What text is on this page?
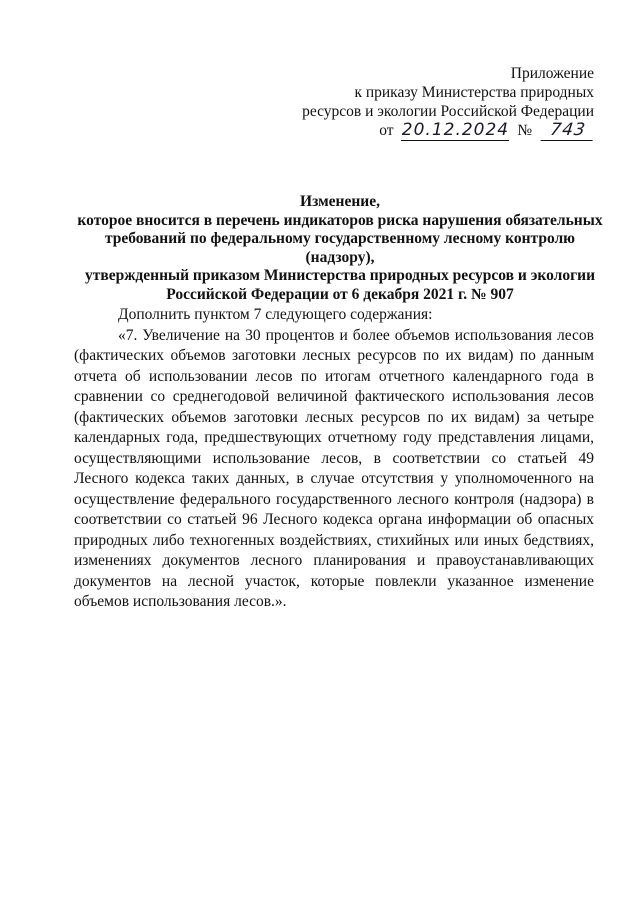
Приложение
к приказу Министерства природных
ресурсов и экологии Российской Федерации
от 20.12.2024 № 743
Изменение,
которое вносится в перечень индикаторов риска нарушения обязательных
требований по федеральному государственному лесному контролю (надзору),
утвержденный приказом Министерства природных ресурсов и экологии
Российской Федерации от 6 декабря 2021 г. № 907

Дополнить пунктом 7 следующего содержания:

«7. Увеличение на 30 процентов и более объемов использования лесов (фактических объемов заготовки лесных ресурсов по их видам) по данным отчета об использовании лесов по итогам отчетного календарного года в сравнении со среднегодовой величиной фактического использования лесов (фактических объемов заготовки лесных ресурсов по их видам) за четыре календарных года, предшествующих отчетному году представления лицами, осуществляющими использование лесов, в соответствии со статьей 49 Лесного кодекса таких данных, в случае отсутствия у уполномоченного на осуществление федерального государственного лесного контроля (надзора) в соответствии со статьей 96 Лесного кодекса органа информации об опасных природных либо техногенных воздействиях, стихийных или иных бедствиях, изменениях документов лесного планирования и правоустанавливающих документов на лесной участок, которые повлекли указанное изменение объемов использования лесов.».
